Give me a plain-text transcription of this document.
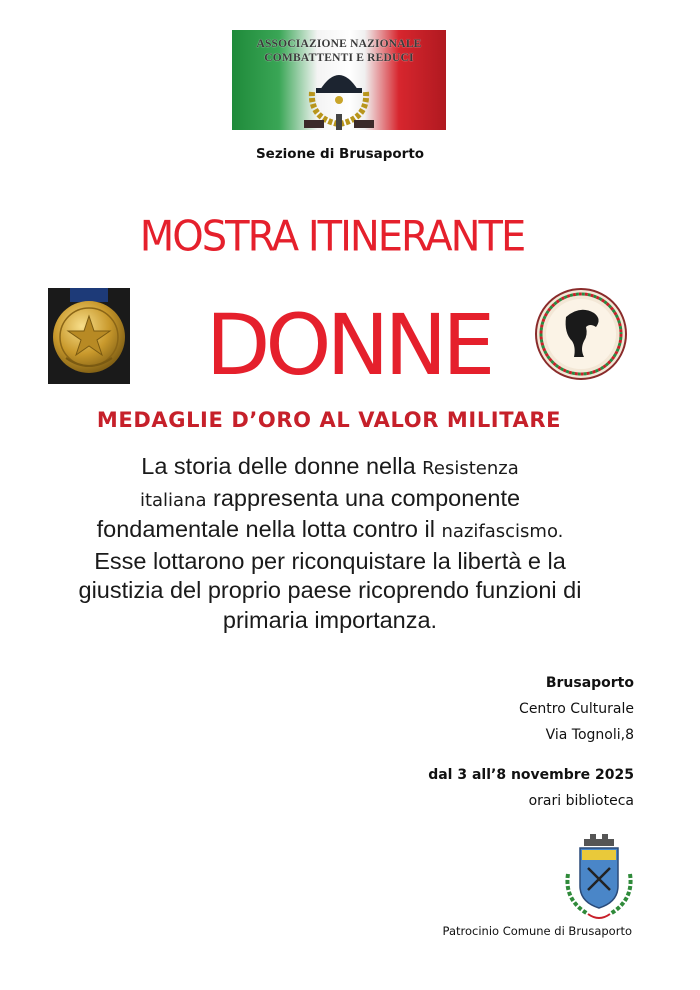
ASSOCIAZIONE NAZIONALE
COMBATTENTI E REDUCI
Sezione di Brusaporto
MOSTRA ITINERANTE
DONNE
MEDAGLIE D’ORO AL VALOR MILITARE
La storia delle donne nella Resistenza
italiana rappresenta una componente
fondamentale nella lotta contro il nazifascismo.
Esse lottarono per riconquistare la libertà e la
giustizia del proprio paese ricoprendo funzioni di
primaria importanza.
Brusaporto
Centro Culturale
Via Tognoli,8
dal 3 all’8 novembre 2025
orari biblioteca
Patrocinio Comune di Brusaporto
